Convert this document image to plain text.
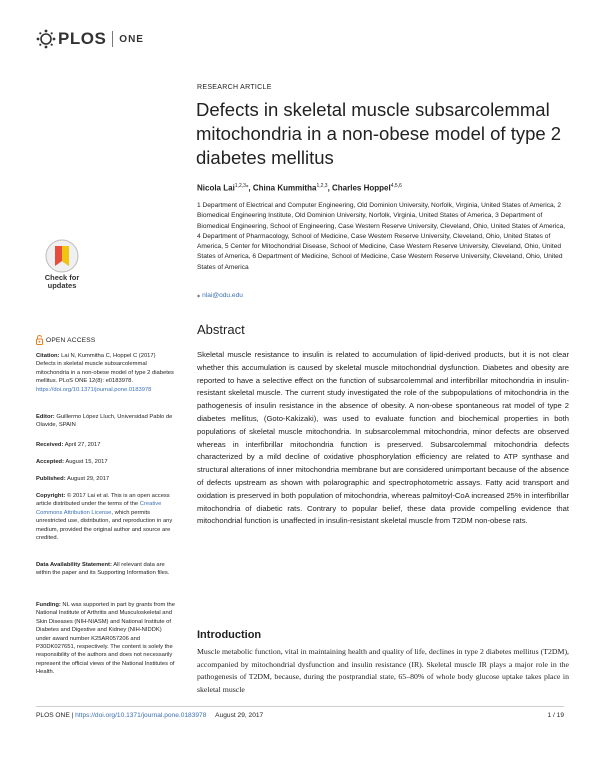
PLOS ONE
Check for
updates
RESEARCH ARTICLE
Defects in skeletal muscle subsarcolemmal mitochondria in a non-obese model of type 2 diabetes mellitus
Nicola Lai$^{1,2,3⁎}$, China Kummitha$^{1,2,3}$, Charles Hoppel$^{4,5,6}$
1 Department of Electrical and Computer Engineering, Old Dominion University, Norfolk, Virginia, United States of America, 2 Biomedical Engineering Institute, Old Dominion University, Norfolk, Virginia, United States of America, 3 Department of Biomedical Engineering, School of Engineering, Case Western Reserve University, Cleveland, Ohio, United States of America, 4 Department of Pharmacology, School of Medicine, Case Western Reserve University, Cleveland, Ohio, United States of America, 5 Center for Mitochondrial Disease, School of Medicine, Case Western Reserve University, Cleveland, Ohio, United States of America, 6 Department of Medicine, School of Medicine, Case Western Reserve University, Cleveland, Ohio, United States of America
⁎ nlai@odu.edu
OPEN ACCESS
Citation: Lai N, Kummitha C, Hoppel C (2017) Defects in skeletal muscle subsarcolemmal mitochondria in a non-obese model of type 2 diabetes mellitus. PLoS ONE 12(8): e0183978. https://doi.org/10.1371/journal.pone.0183978
Editor: Guillermo López Lluch, Universidad Pablo de Olavide, SPAIN
Received: April 27, 2017
Accepted: August 15, 2017
Published: August 29, 2017
Copyright: © 2017 Lai et al. This is an open access article distributed under the terms of the Creative Commons Attribution License, which permits unrestricted use, distribution, and reproduction in any medium, provided the original author and source are credited.
Data Availability Statement: All relevant data are within the paper and its Supporting Information files.
Funding: NL was supported in part by grants from the National Institute of Arthritis and Musculoskeletal and Skin Diseases (NIH-NIASM) and National Institute of Diabetes and Digestive and Kidney (NIH-NIDDK) under award number K25AR057206 and P30DK027651, respectively. The content is solely the responsibility of the authors and does not necessarily represent the official views of the National Institutes of Health.
Abstract

Skeletal muscle resistance to insulin is related to accumulation of lipid-derived products, but it is not clear whether this accumulation is caused by skeletal muscle mitochondrial dysfunction. Diabetes and obesity are reported to have a selective effect on the function of subsarcolemmal and interfibrillar mitochondria in insulin-resistant skeletal muscle. The current study investigated the role of the subpopulations of mitochondria in the pathogenesis of insulin resistance in the absence of obesity. A non-obese spontaneous rat model of type 2 diabetes mellitus, (Goto-Kakizaki), was used to evaluate function and biochemical properties in both populations of skeletal muscle mitochondria. In subsarcolemmal mitochondria, minor defects are observed whereas in interfibrillar mitochondria function is preserved. Subsarcolemmal mitochondria defects characterized by a mild decline of oxidative phosphorylation efficiency are related to ATP synthase and structural alterations of inner mitochondria membrane but are considered unimportant because of the absence of defects upstream as shown with polarographic and spectrophotometric assays. Fatty acid transport and oxidation is preserved in both population of mitochondria, whereas palmitoyl-CoA increased 25% in interfibrillar mitochondria of diabetic rats. Contrary to popular belief, these data provide compelling evidence that mitochondrial function is unaffected in insulin-resistant skeletal muscle from T2DM non-obese rats.

Introduction

Muscle metabolic function, vital in maintaining health and quality of life, declines in type 2 diabetes mellitus (T2DM), accompanied by mitochondrial dysfunction and insulin resistance (IR). Skeletal muscle IR plays a major role in the pathogenesis of T2DM, because, during the postprandial state, 65–80% of whole body glucose uptake takes place in skeletal muscle

PLOS ONE | https://doi.org/10.1371/journal.pone.0183978 August 29, 2017	1 / 19
